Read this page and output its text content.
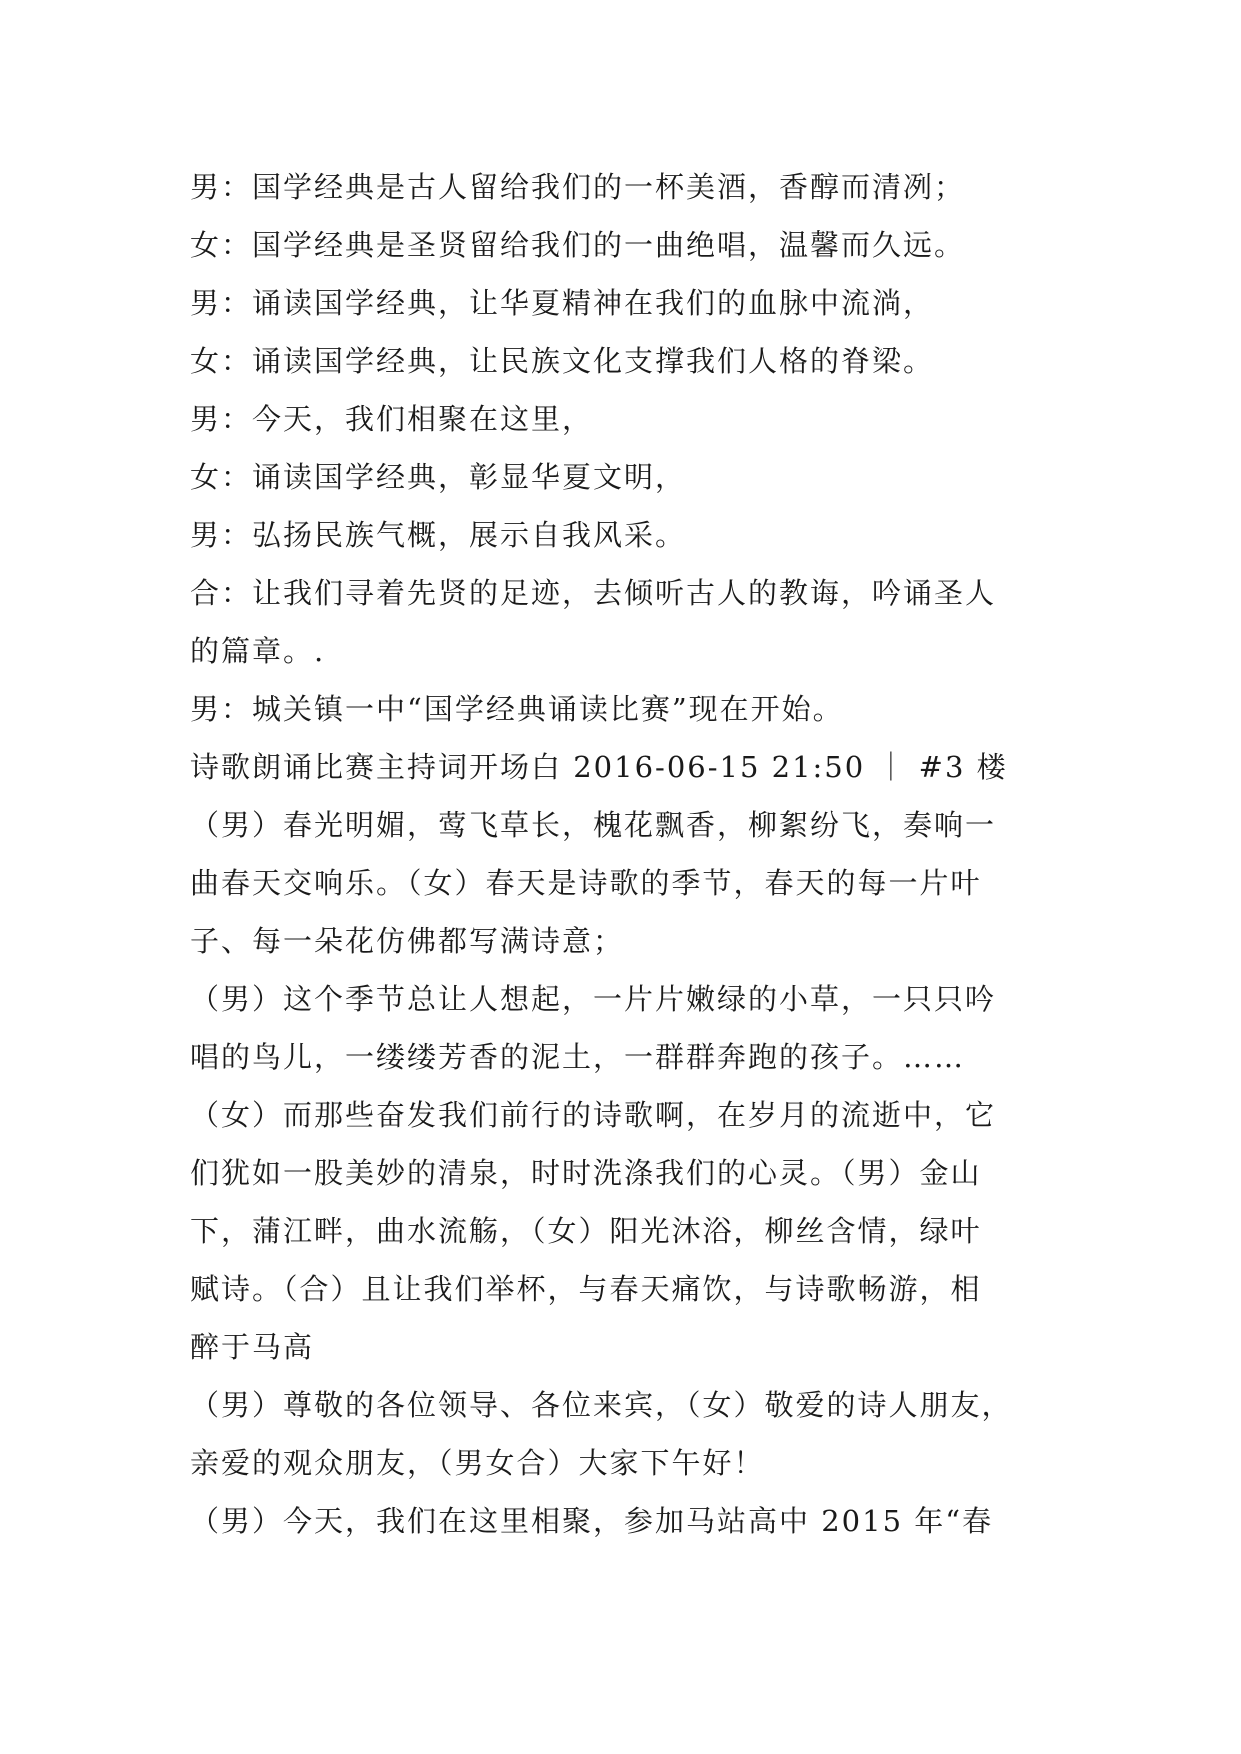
男：国学经典是古人留给我们的一杯美酒，香醇而清冽；
女：国学经典是圣贤留给我们的一曲绝唱，温馨而久远。
男：诵读国学经典，让华夏精神在我们的血脉中流淌，
女：诵读国学经典，让民族文化支撑我们人格的脊梁。
男：今天，我们相聚在这里，
女：诵读国学经典，彰显华夏文明，
男：弘扬民族气概，展示自我风采。
合：让我们寻着先贤的足迹，去倾听古人的教诲，吟诵圣人
的篇章。.
男：城关镇一中“国学经典诵读比赛”现在开始。
诗歌朗诵比赛主持词开场白 2016-06-15 21:50 ｜ #3 楼
（男）春光明媚，莺飞草长，槐花飘香，柳絮纷飞，奏响一
曲春天交响乐。（女）春天是诗歌的季节，春天的每一片叶
子、每一朵花仿佛都写满诗意；
（男）这个季节总让人想起，一片片嫩绿的小草，一只只吟
唱的鸟儿，一缕缕芳香的泥土，一群群奔跑的孩子。……
（女）而那些奋发我们前行的诗歌啊，在岁月的流逝中，它
们犹如一股美妙的清泉，时时洗涤我们的心灵。（男）金山
下，蒲江畔，曲水流觞，（女）阳光沐浴，柳丝含情，绿叶
赋诗。（合）且让我们举杯，与春天痛饮，与诗歌畅游，相
醉于马高
（男）尊敬的各位领导、各位来宾，（女）敬爱的诗人朋友，
亲爱的观众朋友，（男女合）大家下午好！
（男）今天，我们在这里相聚，参加马站高中 2015 年“春
